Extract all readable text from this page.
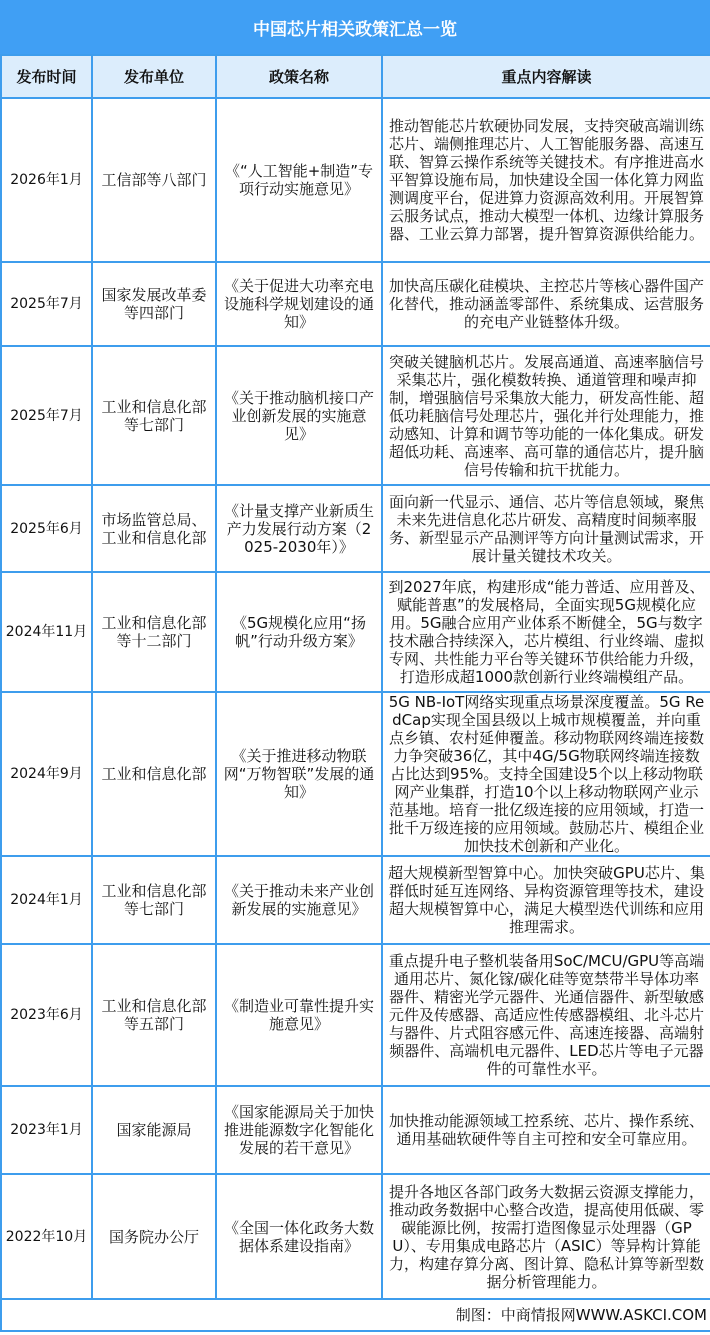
中国芯片相关政策汇总一览
发布时间	发布单位	政策名称	重点内容解读
2026年1月	工信部等八部门	《“人工智能+制造”专项行动实施意见》	推动智能芯片软硬协同发展，支持突破高端训练芯片、端侧推理芯片、人工智能服务器、高速互联、智算云操作系统等关键技术。有序推进高水平智算设施布局，加快建设全国一体化算力网监测调度平台，促进算力资源高效利用。开展智算云服务试点，推动大模型一体机、边缘计算服务器、工业云算力部署，提升智算资源供给能力。
2025年7月	国家发展改革委等四部门	《关于促进大功率充电设施科学规划建设的通知》	加快高压碳化硅模块、主控芯片等核心器件国产化替代，推动涵盖零部件、系统集成、运营服务的充电产业链整体升级。
2025年7月	工业和信息化部等七部门	《关于推动脑机接口产业创新发展的实施意见》	突破关键脑机芯片。发展高通道、高速率脑信号采集芯片，强化模数转换、通道管理和噪声抑制，增强脑信号采集放大能力，研发高性能、超低功耗脑信号处理芯片，强化并行处理能力，推动感知、计算和调节等功能的一体化集成。研发超低功耗、高速率、高可靠的通信芯片，提升脑信号传输和抗干扰能力。
2025年6月	市场监管总局、工业和信息化部	《计量支撑产业新质生产力发展行动方案（2025-2030年）》	面向新一代显示、通信、芯片等信息领域，聚焦未来先进信息化芯片研发、高精度时间频率服务、新型显示产品测评等方向计量测试需求，开展计量关键技术攻关。
2024年11月	工业和信息化部等十二部门	《5G规模化应用“扬帆”行动升级方案》	到2027年底，构建形成“能力普适、应用普及、赋能普惠”的发展格局，全面实现5G规模化应用。5G融合应用产业体系不断健全，5G与数字技术融合持续深入，芯片模组、行业终端、虚拟专网、共性能力平台等关键环节供给能力升级，打造形成超1000款创新行业终端模组产品。
2024年9月	工业和信息化部	《关于推进移动物联网“万物智联”发展的通知》	5G NB-IoT网络实现重点场景深度覆盖。5G RedCap实现全国县级以上城市规模覆盖，并向重点乡镇、农村延伸覆盖。移动物联网终端连接数力争突破36亿，其中4G/5G物联网终端连接数占比达到95%。支持全国建设5个以上移动物联网产业集群，打造10个以上移动物联网产业示范基地。培育一批亿级连接的应用领域，打造一批千万级连接的应用领域。鼓励芯片、模组企业加快技术创新和产业化。
2024年1月	工业和信息化部等七部门	《关于推动未来产业创新发展的实施意见》	超大规模新型智算中心。加快突破GPU芯片、集群低时延互连网络、异构资源管理等技术，建设超大规模智算中心，满足大模型迭代训练和应用推理需求。
2023年6月	工业和信息化部等五部门	《制造业可靠性提升实施意见》	重点提升电子整机装备用SoC/MCU/GPU等高端通用芯片、氮化镓/碳化硅等宽禁带半导体功率器件、精密光学元器件、光通信器件、新型敏感元件及传感器、高适应性传感器模组、北斗芯片与器件、片式阻容感元件、高速连接器、高端射频器件、高端机电元器件、LED芯片等电子元器件的可靠性水平。
2023年1月	国家能源局	《国家能源局关于加快推进能源数字化智能化发展的若干意见》	加快推动能源领域工控系统、芯片、操作系统、通用基础软硬件等自主可控和安全可靠应用。
2022年10月	国务院办公厅	《全国一体化政务大数据体系建设指南》	提升各地区各部门政务大数据云资源支撑能力，推动政务数据中心整合改造，提高使用低碳、零碳能源比例，按需打造图像显示处理器（GPU）、专用集成电路芯片（ASIC）等异构计算能力，构建存算分离、图计算、隐私计算等新型数据分析管理能力。
制图：中商情报网WWW.ASKCI.COM			
